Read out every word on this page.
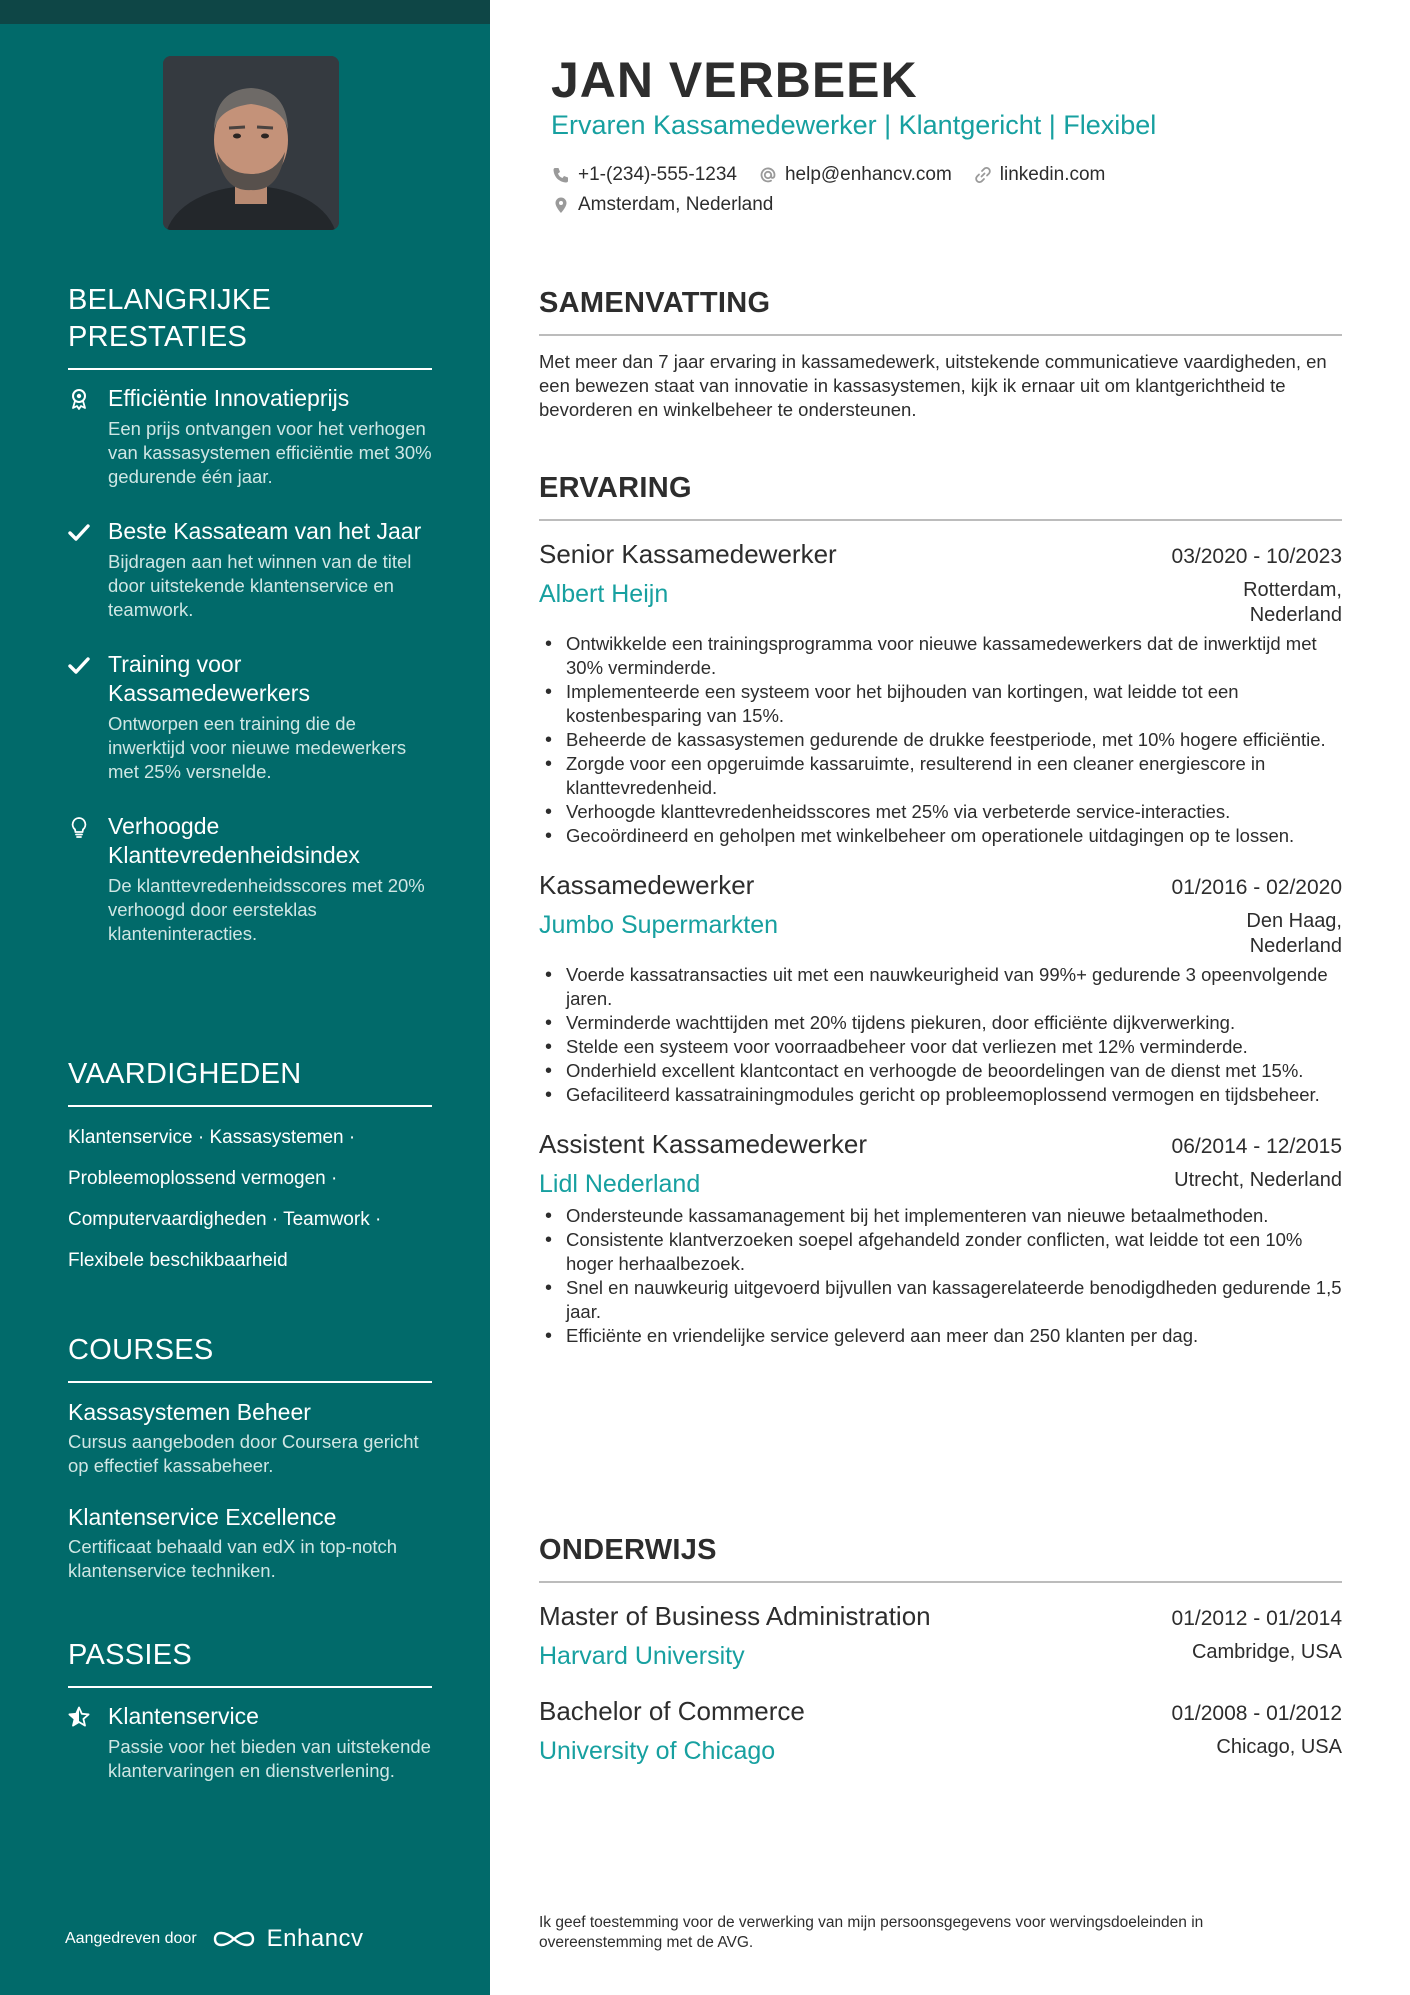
BELANGRIJKE PRESTATIES
Efficiëntie Innovatieprijs
Een prijs ontvangen voor het verhogen van kassasystemen efficiëntie met 30% gedurende één jaar.
Beste Kassateam van het Jaar
Bijdragen aan het winnen van de titel door uitstekende klantenservice en teamwork.
Training voor Kassamedewerkers
Ontworpen een training die de inwerktijd voor nieuwe medewerkers met 25% versnelde.
Verhoogde Klanttevredenheidsindex
De klanttevredenheidsscores met 20% verhoogd door eersteklas klanteninteracties.
VAARDIGHEDEN
Klantenservice · Kassasystemen ·
Probleemoplossend vermogen ·
Computervaardigheden · Teamwork ·
Flexibele beschikbaarheid
COURSES
Kassasystemen Beheer
Cursus aangeboden door Coursera gericht op effectief kassabeheer.
Klantenservice Excellence
Certificaat behaald van edX in top-notch klantenservice techniken.
PASSIES
Klantenservice
Passie voor het bieden van uitstekende klantervaringen en dienstverlening.
Aangedreven door	Enhancv
JAN VERBEEK
Ervaren Kassamedewerker | Klantgericht | Flexibel
+1-(234)-555-1234	help@enhancv.com	linkedin.com
Amsterdam, Nederland
SAMENVATTING

Met meer dan 7 jaar ervaring in kassamedewerk, uitstekende communicatieve vaardigheden, en een bewezen staat van innovatie in kassasystemen, kijk ik ernaar uit om klantgerichtheid te bevorderen en winkelbeheer te ondersteunen.

ERVARING
Senior Kassamedewerker	03/2020 - 10/2023
Albert Heijn	Rotterdam, Nederland
• Ontwikkelde een trainingsprogramma voor nieuwe kassamedewerkers dat de inwerktijd met 30% verminderde.
• Implementeerde een systeem voor het bijhouden van kortingen, wat leidde tot een kostenbesparing van 15%.
• Beheerde de kassasystemen gedurende de drukke feestperiode, met 10% hogere efficiëntie.
• Zorgde voor een opgeruimde kassaruimte, resulterend in een cleaner energiescore in klanttevredenheid.
• Verhoogde klanttevredenheidsscores met 25% via verbeterde service-interacties.
• Gecoördineerd en geholpen met winkelbeheer om operationele uitdagingen op te lossen.
Kassamedewerker	01/2016 - 02/2020
Jumbo Supermarkten	Den Haag, Nederland
• Voerde kassatransacties uit met een nauwkeurigheid van 99%+ gedurende 3 opeenvolgende jaren.
• Verminderde wachttijden met 20% tijdens piekuren, door efficiënte dijkverwerking.
• Stelde een systeem voor voorraadbeheer voor dat verliezen met 12% verminderde.
• Onderhield excellent klantcontact en verhoogde de beoordelingen van de dienst met 15%.
• Gefaciliteerd kassatrainingmodules gericht op probleemoplossend vermogen en tijdsbeheer.
Assistent Kassamedewerker	06/2014 - 12/2015
Lidl Nederland	Utrecht, Nederland
• Ondersteunde kassamanagement bij het implementeren van nieuwe betaalmethoden.
• Consistente klantverzoeken soepel afgehandeld zonder conflicten, wat leidde tot een 10% hoger herhaalbezoek.
• Snel en nauwkeurig uitgevoerd bijvullen van kassagerelateerde benodigdheden gedurende 1,5 jaar.
• Efficiënte en vriendelijke service geleverd aan meer dan 250 klanten per dag.
ONDERWIJS
Master of Business Administration	01/2012 - 01/2014
Harvard University	Cambridge, USA
Bachelor of Commerce	01/2008 - 01/2012
University of Chicago	Chicago, USA

Ik geef toestemming voor de verwerking van mijn persoonsgegevens voor wervingsdoeleinden in overeenstemming met de AVG.
